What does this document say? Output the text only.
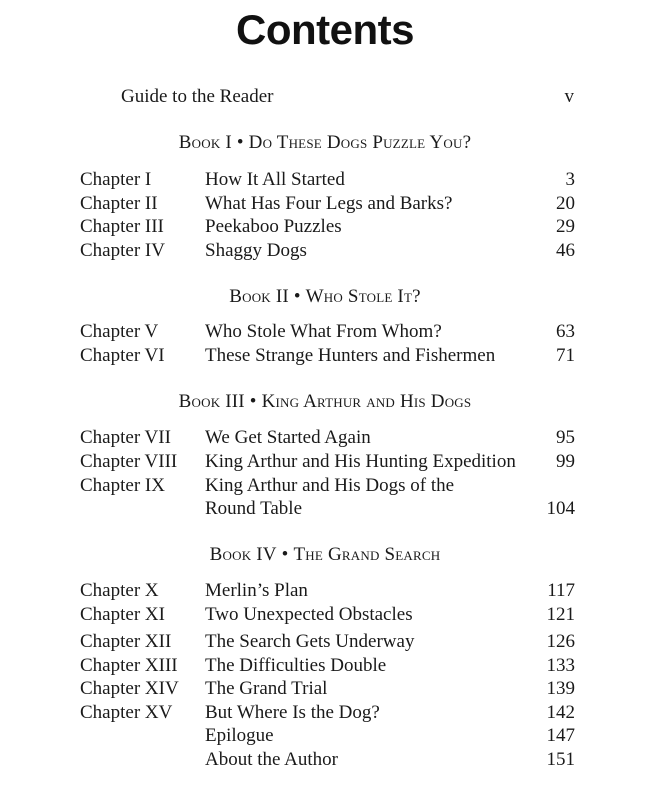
Contents
Guide to the Reader	v
Book I • Do These Dogs Puzzle You?
Chapter I	How It All Started	3
Chapter II What Has Four Legs and Barks?	20
Chapter III Peekaboo Puzzles	29
Chapter IV Shaggy Dogs	46
Book II • Who Stole It?
Chapter V Who Stole What From Whom?	63
Chapter VI These Strange Hunters and Fishermen	71
Book III • King Arthur and His Dogs
Chapter VII We Get Started Again	95
Chapter VIII King Arthur and His Hunting Expedition 99
Chapter IX King Arthur and His Dogs of the
Round Table	104
Book IV • The Grand Search
Chapter X Merlin’s Plan	117
Chapter XI Two Unexpected Obstacles	121
Chapter XII The Search Gets Underway	126
Chapter XIII The Difficulties Double	133
Chapter XIV The Grand Trial	139
Chapter XV But Where Is the Dog?	142
Epilogue	147
About the Author	151
